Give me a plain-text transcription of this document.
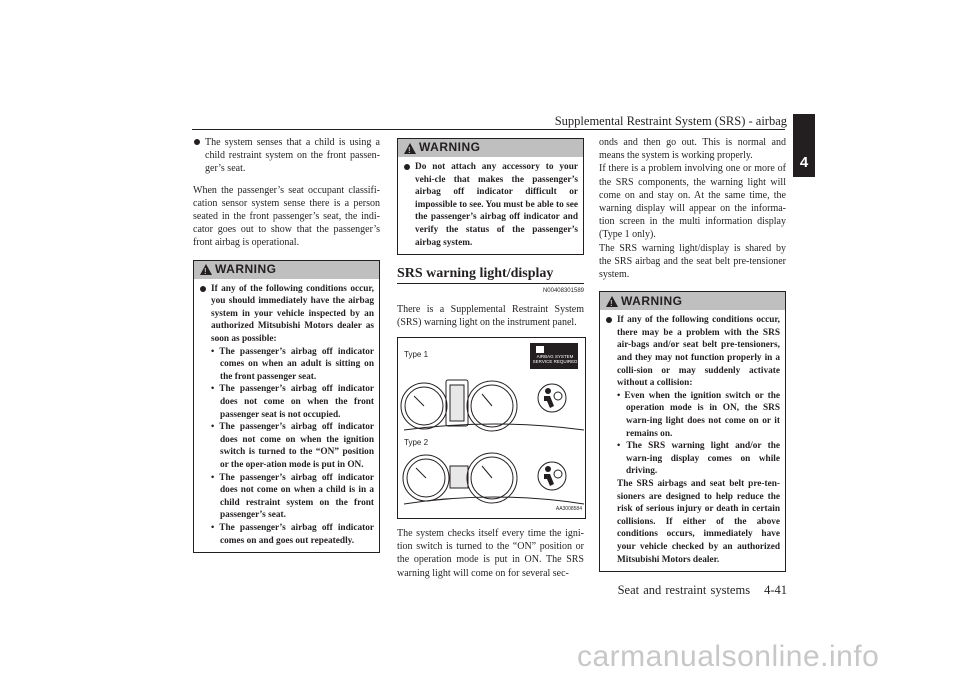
Supplemental Restraint System (SRS) - airbag
4
The system senses that a child is using a child restraint system on the front passen-ger’s seat.

When the passenger’s seat occupant classifi-cation sensor system sense there is a person seated in the front passenger’s seat, the indi-cator goes out to show that the passenger’s front airbag is operational.

!
WARNING
If any of the following conditions occur, you should immediately have the airbag system in your vehicle inspected by an authorized Mitsubishi Motors dealer as soon as possible:
• The passenger’s airbag off indicator comes on when an adult is sitting on the front passenger seat.
• The passenger’s airbag off indicator does not come on when the front passenger seat is not occupied.
• The passenger’s airbag off indicator does not come on when the ignition switch is turned to the “ON” position or the oper-ation mode is put in ON.
• The passenger’s airbag off indicator does not come on when a child is in a child restraint system on the front passenger’s seat.
• The passenger’s airbag off indicator comes on and goes out repeatedly.
!
WARNING
Do not attach any accessory to your vehi-cle that makes the passenger’s airbag off indicator difficult or impossible to see. You must be able to see the passenger’s airbag off indicator and verify the status of the passenger’s airbag system.
SRS warning light/display
N00408301589

There is a Supplemental Restraint System (SRS) warning light on the instrument panel.

Type 1
Type 2
AIRBAG SYSTEM
SERVICE REQUIRED
AA3008584

The system checks itself every time the igni-tion switch is turned to the “ON” position or the operation mode is put in ON. The SRS warning light will come on for several sec-

onds and then go out. This is normal and means the system is working properly.

If there is a problem involving one or more of the SRS components, the warning light will come on and stay on. At the same time, the warning display will appear on the informa-tion screen in the multi information display (Type 1 only).

The SRS warning light/display is shared by the SRS airbag and the seat belt pre-tensioner system.

!
WARNING
If any of the following conditions occur, there may be a problem with the SRS air-bags and/or seat belt pre-tensioners, and they may not function properly in a colli-sion or may suddenly activate without a collision:
• Even when the ignition switch or the operation mode is in ON, the SRS warn-ing light does not come on or it remains on.
• The SRS warning light and/or the warn-ing display comes on while driving.
The SRS airbags and seat belt pre-ten-sioners are designed to help reduce the risk of serious injury or death in certain collisions. If either of the above conditions occurs, immediately have your vehicle checked by an authorized Mitsubishi Motors dealer.
Seat and restraint systems 4-41
carmanualsonline.info
